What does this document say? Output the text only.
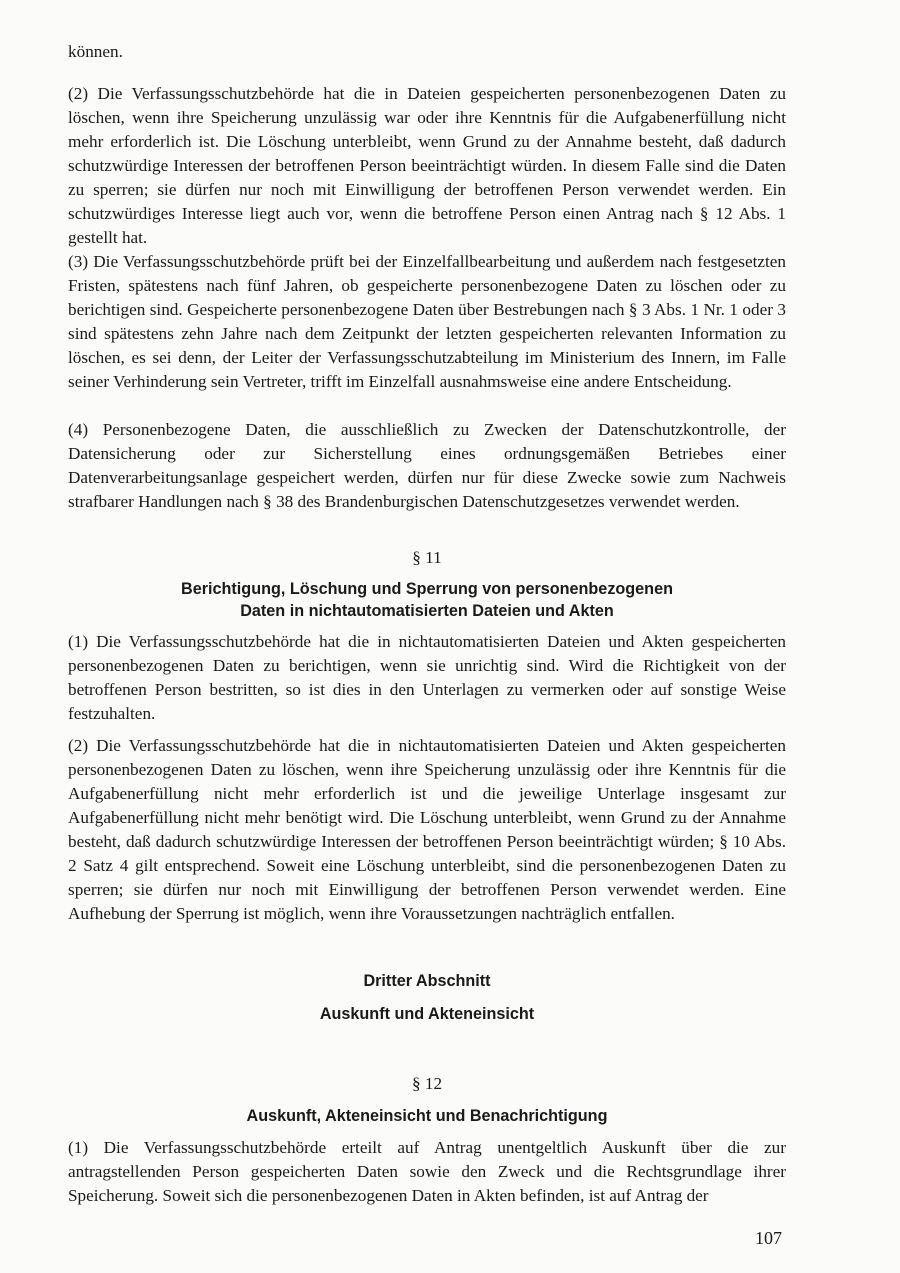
können.

(2) Die Verfassungsschutzbehörde hat die in Dateien gespeicherten personenbezogenen Daten zu löschen, wenn ihre Speicherung unzulässig war oder ihre Kenntnis für die Aufgabenerfüllung nicht mehr erforderlich ist. Die Löschung unterbleibt, wenn Grund zu der Annahme besteht, daß dadurch schutzwürdige Interessen der betroffenen Person beeinträchtigt würden. In diesem Falle sind die Daten zu sperren; sie dürfen nur noch mit Einwilligung der betroffenen Person verwendet werden. Ein schutzwürdiges Interesse liegt auch vor, wenn die betroffene Person einen Antrag nach § 12 Abs. 1 gestellt hat.

(3) Die Verfassungsschutzbehörde prüft bei der Einzelfallbearbeitung und außerdem nach festgesetzten Fristen, spätestens nach fünf Jahren, ob gespeicherte personenbezogene Daten zu löschen oder zu berichtigen sind. Gespeicherte personenbezogene Daten über Bestrebungen nach § 3 Abs. 1 Nr. 1 oder 3 sind spätestens zehn Jahre nach dem Zeitpunkt der letzten gespeicherten relevanten Information zu löschen, es sei denn, der Leiter der Verfassungsschutzabteilung im Ministerium des Innern, im Falle seiner Verhinderung sein Vertreter, trifft im Einzelfall ausnahmsweise eine andere Entscheidung.

(4) Personenbezogene Daten, die ausschließlich zu Zwecken der Datenschutzkontrolle, der Datensicherung oder zur Sicherstellung eines ordnungsgemäßen Betriebes einer Datenverarbeitungsanlage gespeichert werden, dürfen nur für diese Zwecke sowie zum Nachweis strafbarer Handlungen nach § 38 des Brandenburgischen Datenschutzgesetzes verwendet werden.

§ 11
Berichtigung, Löschung und Sperrung von personenbezogenen
Daten in nichtautomatisierten Dateien und Akten

(1) Die Verfassungsschutzbehörde hat die in nichtautomatisierten Dateien und Akten gespeicherten personenbezogenen Daten zu berichtigen, wenn sie unrichtig sind. Wird die Richtigkeit von der betroffenen Person bestritten, so ist dies in den Unterlagen zu vermerken oder auf sonstige Weise festzuhalten.

(2) Die Verfassungsschutzbehörde hat die in nichtautomatisierten Dateien und Akten gespeicherten personenbezogenen Daten zu löschen, wenn ihre Speicherung unzulässig oder ihre Kenntnis für die Aufgabenerfüllung nicht mehr erforderlich ist und die jeweilige Unterlage insgesamt zur Aufgabenerfüllung nicht mehr benötigt wird. Die Löschung unterbleibt, wenn Grund zu der Annahme besteht, daß dadurch schutzwürdige Interessen der betroffenen Person beeinträchtigt würden; § 10 Abs. 2 Satz 4 gilt entsprechend. Soweit eine Löschung unterbleibt, sind die personenbezogenen Daten zu sperren; sie dürfen nur noch mit Einwilligung der betroffenen Person verwendet werden. Eine Aufhebung der Sperrung ist möglich, wenn ihre Voraussetzungen nachträglich entfallen.

Dritter Abschnitt
Auskunft und Akteneinsicht
§ 12
Auskunft, Akteneinsicht und Benachrichtigung

(1) Die Verfassungsschutzbehörde erteilt auf Antrag unentgeltlich Auskunft über die zur antragstellenden Person gespeicherten Daten sowie den Zweck und die Rechtsgrundlage ihrer Speicherung. Soweit sich die personenbezogenen Daten in Akten befinden, ist auf Antrag der

107
